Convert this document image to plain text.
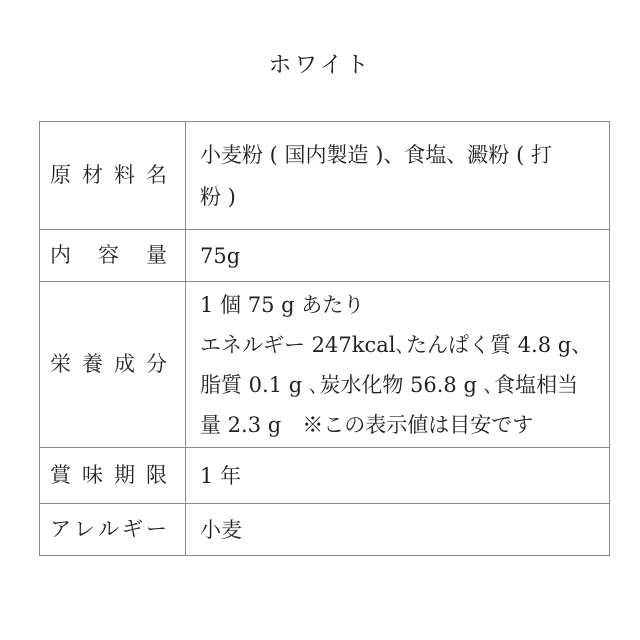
ホワイト
原 材 料 名	小麦粉 ( 国内製造 )、食塩、澱粉 ( 打
粉 )

内 容 量	75g

栄 養 成 分	1 個 75 g あたり
エネルギー 247kcal､たんぱく質 4.8 g、
脂質 0.1 g ､炭水化物 56.8 g ､食塩相当
量 2.3 g　※この表示値は目安です

賞 味 期 限	1 年

ア レ ル ギ ー	小麦
